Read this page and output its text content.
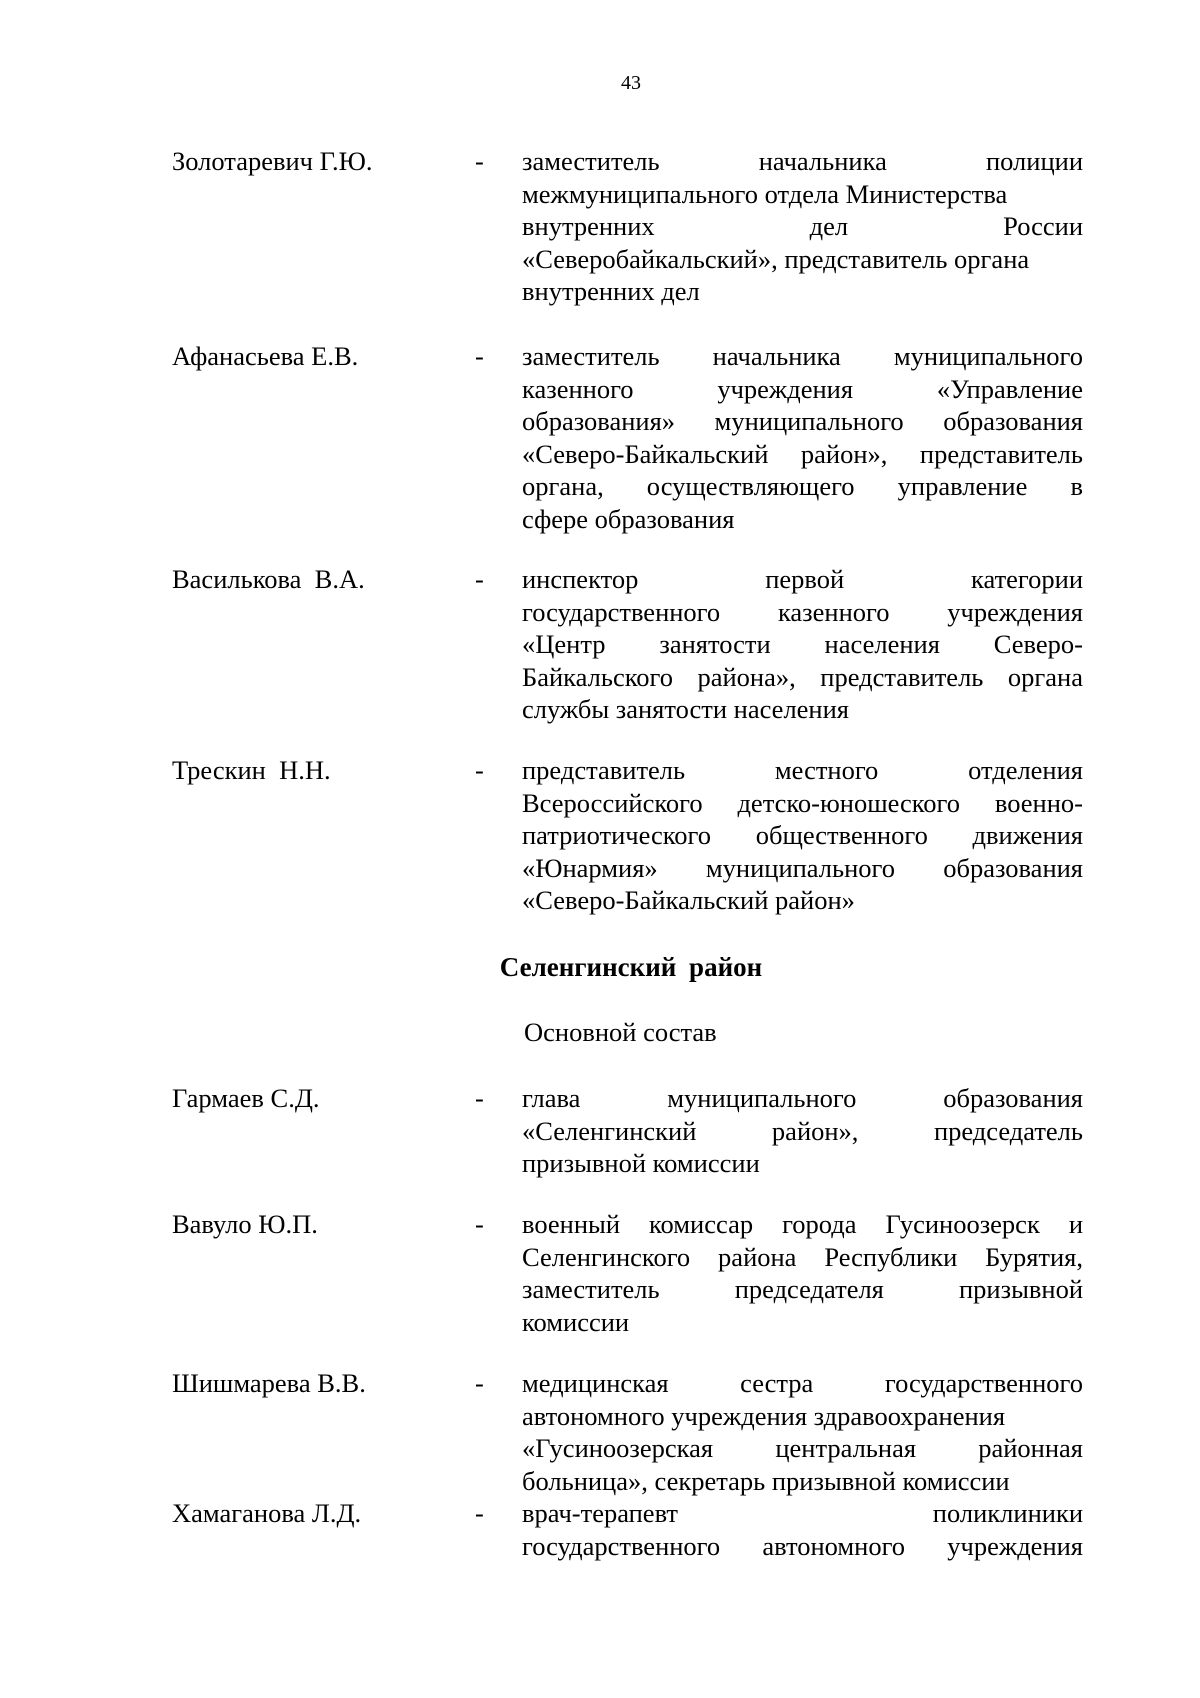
43
Золотаревич Г.Ю.	- заместитель начальника полиции
межмуниципального отдела Министерства
внутренних дел России
«Северобайкальский», представитель органа
внутренних дел
Афанасьева Е.В.	- заместитель начальника муниципального
казенного учреждения «Управление
образования» муниципального образования
«Северо-Байкальский район», представитель
органа, осуществляющего управление в
сфере образования
Василькова  В.А.	- инспектор первой категории
государственного казенного учреждения
«Центр занятости населения Северо-
Байкальского района», представитель органа
службы занятости населения
Трескин  Н.Н.	- представитель местного отделения
Всероссийского детско-юношеского военно-
патриотического общественного движения
«Юнармия» муниципального образования
«Северо-Байкальский район»
Селенгинский район
Основной состав
Гармаев С.Д.	- глава муниципального образования
«Селенгинский район», председатель
призывной комиссии
Вавуло Ю.П.	- военный комиссар города Гусиноозерск и
Селенгинского района Республики Бурятия,
заместитель председателя призывной
комиссии
Шишмарева В.В.	- медицинская сестра государственного
автономного учреждения здравоохранения
«Гусиноозерская центральная районная
больница», секретарь призывной комиссии
Хамаганова Л.Д.	- врач-терапевт поликлиники
государственного автономного учреждения
